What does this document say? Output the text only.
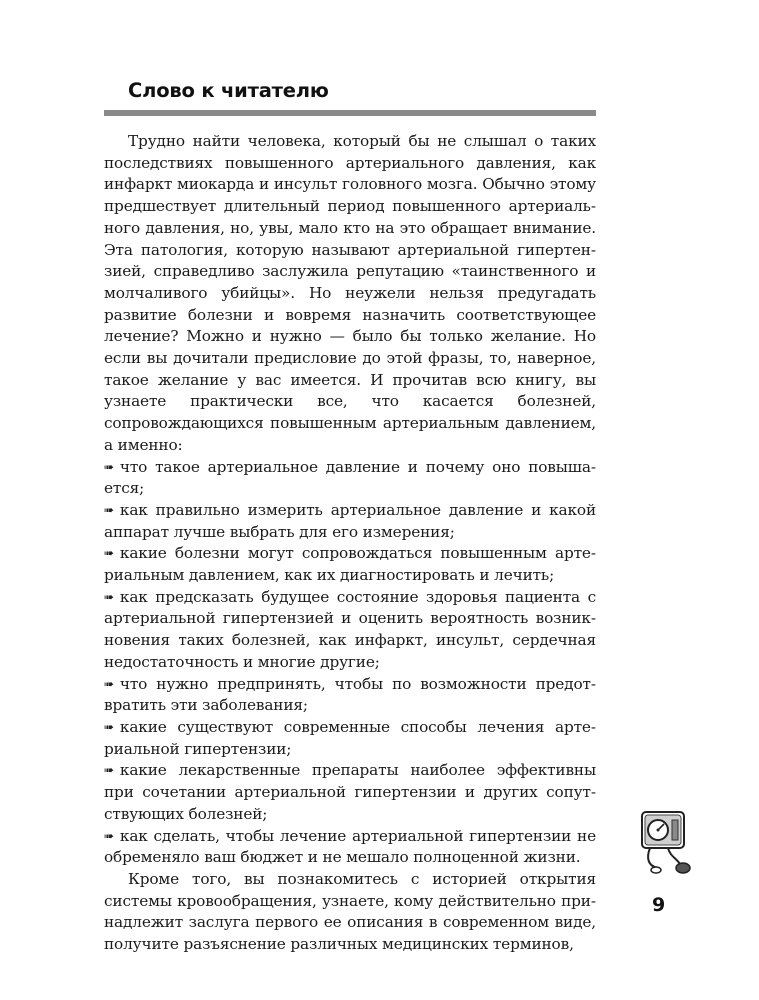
Слово к читателю

Трудно найти человека, который бы не слышал о таких последствиях повышенного артериального давления, как инфаркт миокарда и инсульт головного мозга. Обычно этому предшествует длительный период повышенного артериального давления, но, увы, мало кто на это обращает внимание. Эта патология, которую называют артериальной гипертензией, справедливо заслужила репутацию «таинственного и молчаливого убийцы». Но неужели нельзя предугадать развитие болезни и вовремя назначить соответствующее лечение? Можно и нужно — было бы только желание. Но если вы дочитали предисловие до этой фразы, то, наверное, такое желание у вас имеется. И прочитав всю книгу, вы узнаете практически все, что касается болезней, сопровождающихся повышенным артериальным давлением, а именно:

➠ что такое артериальное давление и почему оно повышается;
➠ как правильно измерить артериальное давление и какой аппарат лучше выбрать для его измерения;
➠ какие болезни могут сопровождаться повышенным артериальным давлением, как их диагностировать и лечить;
➠ как предсказать будущее состояние здоровья пациента с артериальной гипертензией и оценить вероятность возникновения таких болезней, как инфаркт, инсульт, сердечная недостаточность и многие другие;
➠ что нужно предпринять, чтобы по возможности предотвратить эти заболевания;
➠ какие существуют современные способы лечения артериальной гипертензии;
➠ какие лекарственные препараты наиболее эффективны при сочетании артериальной гипертензии и других сопутствующих болезней;
➠ как сделать, чтобы лечение артериальной гипертензии не обременяло ваш бюджет и не мешало полноценной жизни.

Кроме того, вы познакомитесь с историей открытия системы кровообращения, узнаете, кому действительно принадлежит заслуга первого ее описания в современном виде, получите разъяснение различных медицинских терминов,

9
